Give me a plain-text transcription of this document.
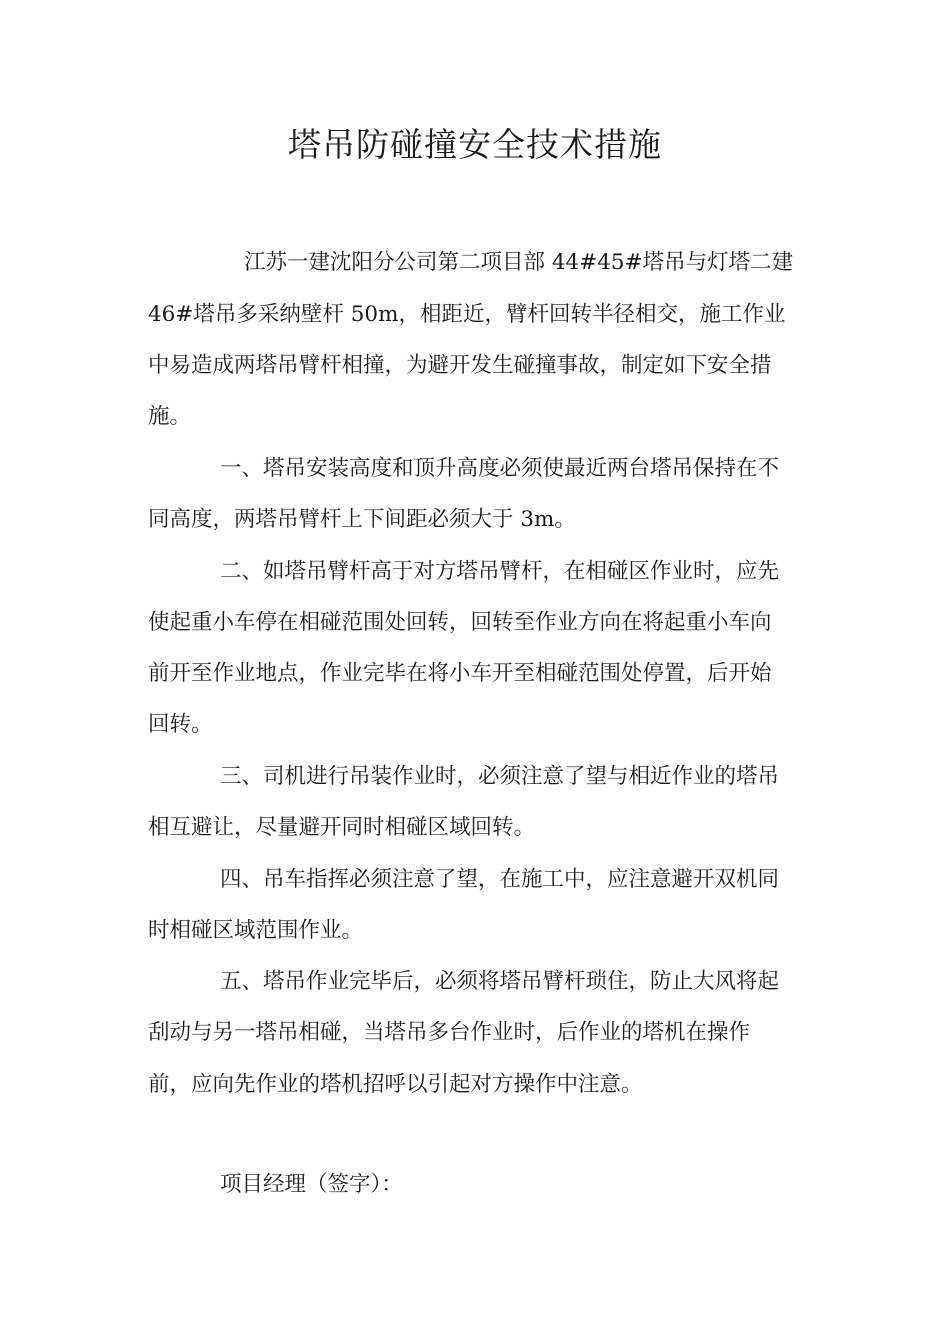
塔吊防碰撞安全技术措施

江苏一建沈阳分公司第二项目部 44#45#塔吊与灯塔二建

46#塔吊多采纳壁杆 50m，相距近，臂杆回转半径相交，施工作业

中易造成两塔吊臂杆相撞，为避开发生碰撞事故，制定如下安全措

施。

一、塔吊安装高度和顶升高度必须使最近两台塔吊保持在不

同高度，两塔吊臂杆上下间距必须大于 3m。

二、如塔吊臂杆高于对方塔吊臂杆，在相碰区作业时，应先

使起重小车停在相碰范围处回转，回转至作业方向在将起重小车向

前开至作业地点，作业完毕在将小车开至相碰范围处停置，后开始

回转。

三、司机进行吊装作业时，必须注意了望与相近作业的塔吊

相互避让，尽量避开同时相碰区域回转。

四、吊车指挥必须注意了望，在施工中，应注意避开双机同

时相碰区域范围作业。

五、塔吊作业完毕后，必须将塔吊臂杆琐住，防止大风将起

刮动与另一塔吊相碰，当塔吊多台作业时，后作业的塔机在操作

前，应向先作业的塔机招呼以引起对方操作中注意。

项目经理（签字）：
